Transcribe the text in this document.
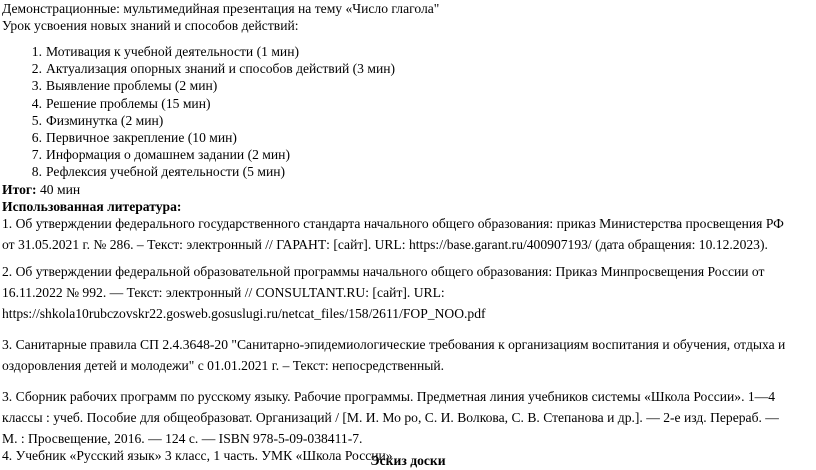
Демонстрационные: мультимедийная презентация на тему «Число глагола"
Урок усвоения новых знаний и способов действий:
1. Мотивация к учебной деятельности (1 мин)
2. Актуализация опорных знаний и способов действий (3 мин)
3. Выявление проблемы (2 мин)
4. Решение проблемы (15 мин)
5. Физминутка (2 мин)
6. Первичное закрепление (10 мин)
7. Информация о домашнем задании (2 мин)
8. Рефлексия учебной деятельности (5 мин)
Итог: 40 мин
Использованная литература:
1. Об утверждении федерального государственного стандарта начального общего образования: приказ Министерства просвещения РФ
от 31.05.2021 г. № 286. – Текст: электронный // ГАРАНТ: [сайт]. URL: https://base.garant.ru/400907193/ (дата обращения: 10.12.2023).
2. Об утверждении федеральной образовательной программы начального общего образования: Приказ Минпросвещения России от
16.11.2022 № 992. — Текст: электронный // CONSULTANT.RU: [сайт]. URL:
https://shkola10rubczovskr22.gosweb.gosuslugi.ru/netcat_files/158/2611/FOP_NOO.pdf
3. Санитарные правила СП 2.4.3648-20 "Санитарно-эпидемиологические требования к организациям воспитания и обучения, отдыха и
оздоровления детей и молодежи" с 01.01.2021 г. – Текст: непосредственный.
3. Сборник рабочих программ по русскому языку. Рабочие программы. Предметная линия учебников системы «Школа России». 1—4
классы : учеб. Пособие для общеобразоват. Организаций / [М. И. Мо ро, С. И. Волкова, С. В. Степанова и др.]. — 2-е изд. Перераб. —
М. : Просвещение, 2016. — 124 с. — ISBN 978-5-09-038411-7.
4. Учебник «Русский язык» 3 класс, 1 часть. УМК «Школа России»
Эскиз доски
